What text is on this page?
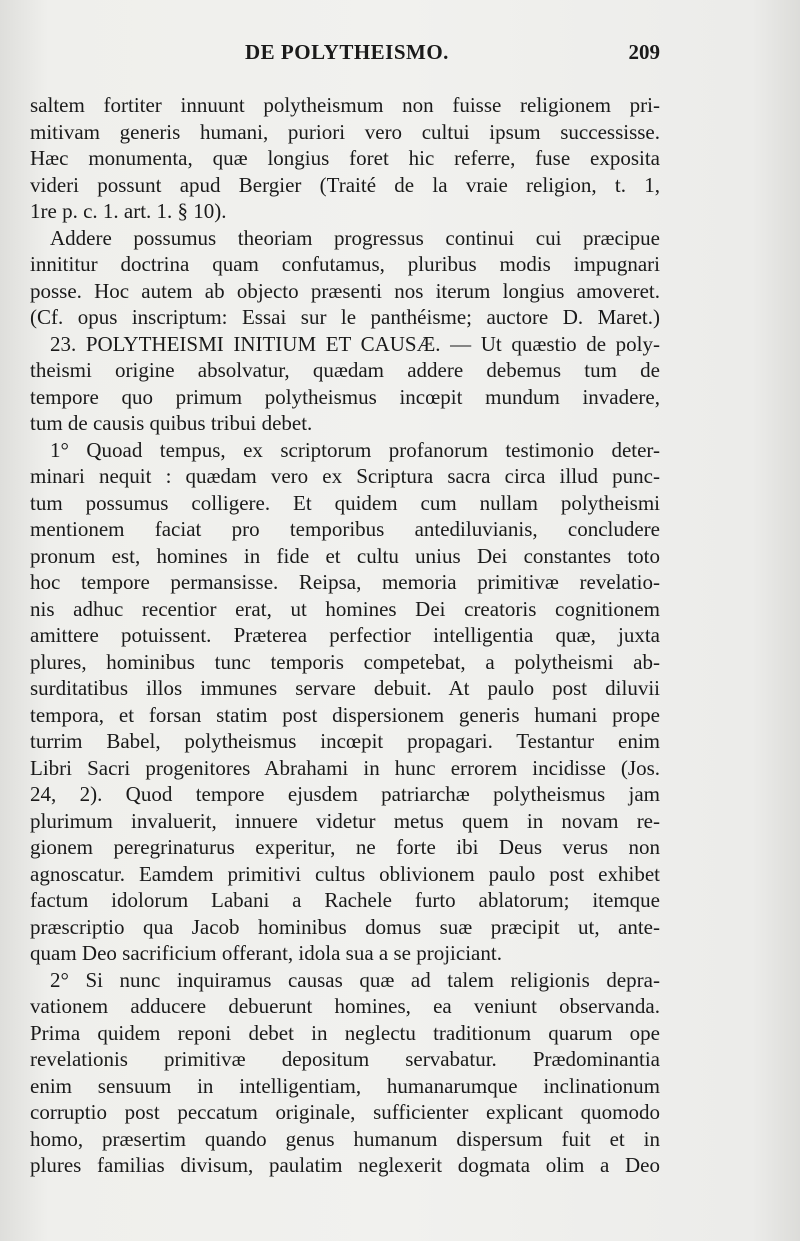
DE POLYTHEISMO.	209
saltem fortiter innuunt polytheismum non fuisse religionem pri-
mitivam generis humani, puriori vero cultui ipsum successisse.
Hæc monumenta, quæ longius foret hic referre, fuse exposita
videri possunt apud Bergier (Traité de la vraie religion, t. 1,
1re p. c. 1. art. 1. § 10).
Addere possumus theoriam progressus continui cui præcipue
innititur doctrina quam confutamus, pluribus modis impugnari
posse. Hoc autem ab objecto præsenti nos iterum longius amoveret.
(Cf. opus inscriptum: Essai sur le panthéisme; auctore D. Maret.)
23. POLYTHEISMI INITIUM ET CAUSÆ. — Ut quæstio de poly-
theismi origine absolvatur, quædam addere debemus tum de
tempore quo primum polytheismus incœpit mundum invadere,
tum de causis quibus tribui debet.
1° Quoad tempus, ex scriptorum profanorum testimonio deter-
minari nequit : quædam vero ex Scriptura sacra circa illud punc-
tum possumus colligere. Et quidem cum nullam polytheismi
mentionem faciat pro temporibus antediluvianis, concludere
pronum est, homines in fide et cultu unius Dei constantes toto
hoc tempore permansisse. Reipsa, memoria primitivæ revelatio-
nis adhuc recentior erat, ut homines Dei creatoris cognitionem
amittere potuissent. Præterea perfectior intelligentia quæ, juxta
plures, hominibus tunc temporis competebat, a polytheismi ab-
surditatibus illos immunes servare debuit. At paulo post diluvii
tempora, et forsan statim post dispersionem generis humani prope
turrim Babel, polytheismus incœpit propagari. Testantur enim
Libri Sacri progenitores Abrahami in hunc errorem incidisse (Jos.
24, 2). Quod tempore ejusdem patriarchæ polytheismus jam
plurimum invaluerit, innuere videtur metus quem in novam re-
gionem peregrinaturus experitur, ne forte ibi Deus verus non
agnoscatur. Eamdem primitivi cultus oblivionem paulo post exhibet
factum idolorum Labani a Rachele furto ablatorum; itemque
præscriptio qua Jacob hominibus domus suæ præcipit ut, ante-
quam Deo sacrificium offerant, idola sua a se projiciant.
2° Si nunc inquiramus causas quæ ad talem religionis depra-
vationem adducere debuerunt homines, ea veniunt observanda.
Prima quidem reponi debet in neglectu traditionum quarum ope
revelationis primitivæ depositum servabatur. Prædominantia
enim sensuum in intelligentiam, humanarumque inclinationum
corruptio post peccatum originale, sufficienter explicant quomodo
homo, præsertim quando genus humanum dispersum fuit et in
plures familias divisum, paulatim neglexerit dogmata olim a Deo
